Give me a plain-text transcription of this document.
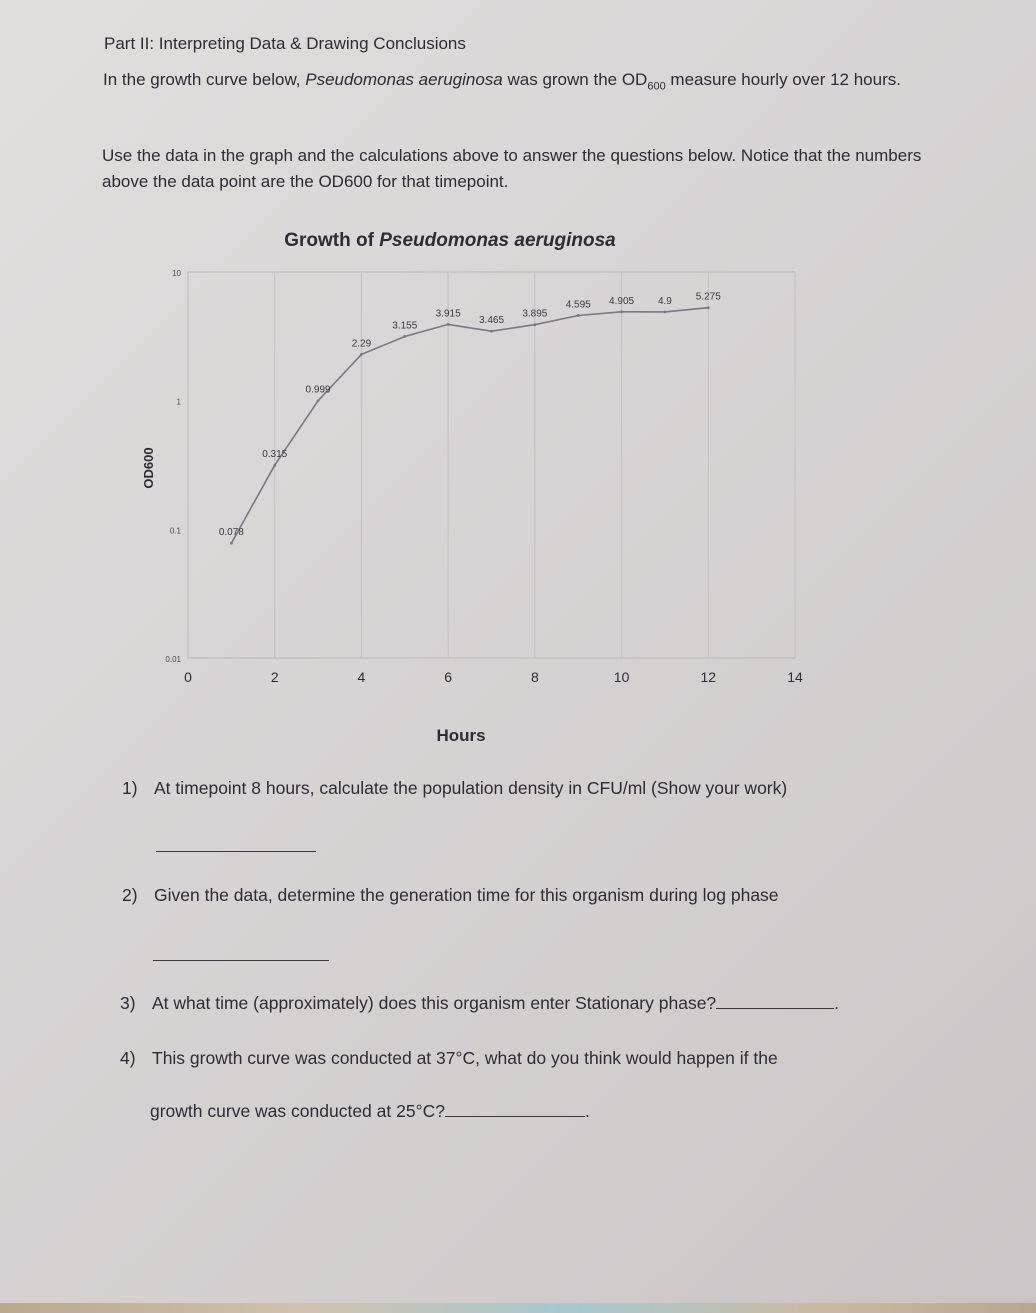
Part II: Interpreting Data & Drawing Conclusions
In the growth curve below, Pseudomonas aeruginosa was grown the $OD_{600}$ measure hourly over 12 hours.
Use the data in the graph and the calculations above to answer the questions below. Notice that the numbers above the data point are the OD600 for that timepoint.
Growth of Pseudomonas aeruginosa
OD600
Hours
0	2	4	6	8	10	12	14
10
1
0.1
0.01
0.078
0.315
0.999
2.29
3.155
3.915
3.465
3.895
4.595 4.905 4.9 5.275
1) At timepoint 8 hours, calculate the population density in CFU/ml (Show your work)
2) Given the data, determine the generation time for this organism during log phase
3) At what time (approximately) does this organism enter Stationary phase?	.
4) This growth curve was conducted at 37°C, what do you think would happen if the
growth curve was conducted at 25°C?	.
